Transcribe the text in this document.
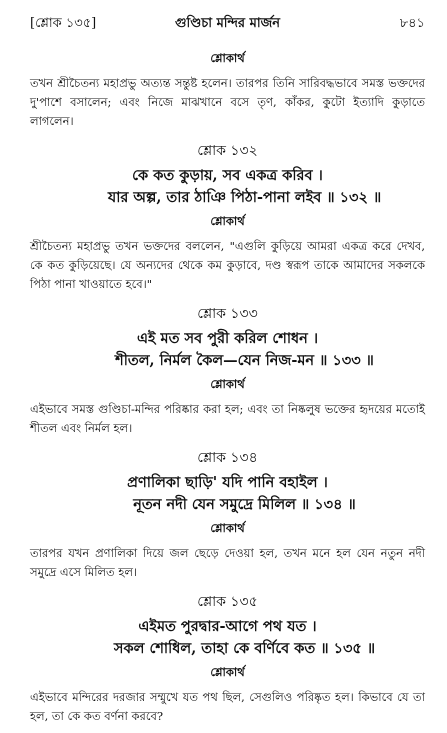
[শ্লোক ১৩৫]	গুণ্ডিচা মন্দির মার্জন	৮৪১
শ্লোকার্থ

তখন শ্রীচৈতন্য মহাপ্রভু অত্যন্ত সন্তুষ্ট হলেন। তারপর তিনি সারিবদ্ধভাবে সমস্ত ভক্তদের দু'পাশে বসালেন; এবং নিজে মাঝখানে বসে তৃণ, কাঁকর, কুটো ইত্যাদি কুড়াতে লাগলেন।

শ্লোক ১৩২

কে কত কুড়ায়, সব একত্র করিব ।

যার অল্প, তার ঠাঞি পিঠা-পানা লইব ॥ ১৩২ ॥

শ্লোকার্থ

শ্রীচৈতন্য মহাপ্রভু তখন ভক্তদের বললেন, "এগুলি কুড়িয়ে আমরা একত্র করে দেখব, কে কত কুড়িয়েছে। যে অন্যদের থেকে কম কুড়াবে, দণ্ড স্বরূপ তাকে আমাদের সকলকে পিঠা পানা খাওয়াতে হবে।"

শ্লোক ১৩৩

এই মত সব পুরী করিল শোধন ।

শীতল, নির্মল কৈল—যেন নিজ-মন ॥ ১৩৩ ॥

শ্লোকার্থ

এইভাবে সমস্ত গুণ্ডিচা-মন্দির পরিষ্কার করা হল; এবং তা নিষ্কলুষ ভক্তের হৃদয়ের মতোই শীতল এবং নির্মল হল।

শ্লোক ১৩৪

প্রণালিকা ছাড়ি' যদি পানি বহাইল ।

নূতন নদী যেন সমুদ্রে মিলিল ॥ ১৩৪ ॥

শ্লোকার্থ

তারপর যখন প্রণালিকা দিয়ে জল ছেড়ে দেওয়া হল, তখন মনে হল যেন নতুন নদী সমুদ্রে এসে মিলিত হল।

শ্লোক ১৩৫

এইমত পুরদ্বার-আগে পথ যত ।

সকল শোধিল, তাহা কে বর্ণিবে কত ॥ ১৩৫ ॥

শ্লোকার্থ

এইভাবে মন্দিরের দরজার সম্মুখে যত পথ ছিল, সেগুলিও পরিষ্কৃত হল। কিভাবে যে তা হল, তা কে কত বর্ণনা করবে?
